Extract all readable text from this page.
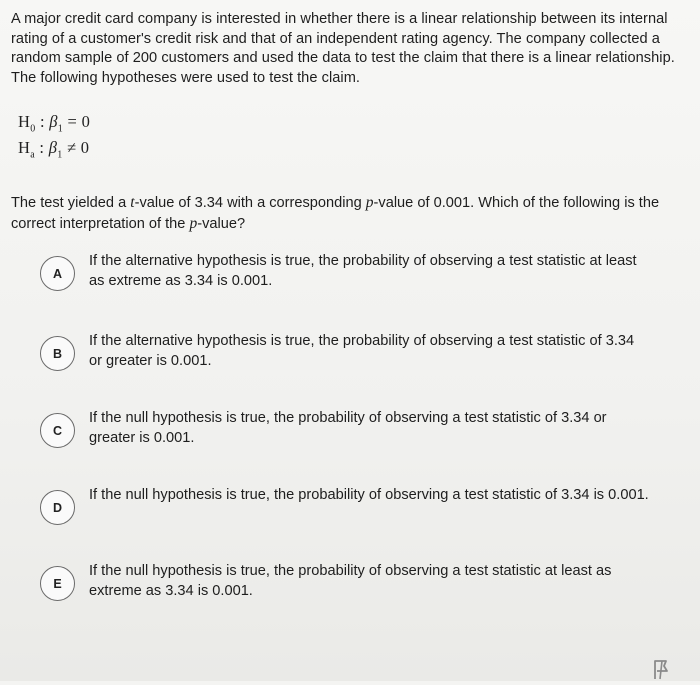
A major credit card company is interested in whether there is a linear relationship between its internal rating of a customer's credit risk and that of an independent rating agency. The company collected a random sample of 200 customers and used the data to test the claim that there is a linear relationship. The following hypotheses were used to test the claim.
$H_0$ : $\beta_1 = 0$
$H_a$ : $\beta_1 \ne 0$
The test yielded a t-value of 3.34 with a corresponding p-value of 0.001. Which of the following is the correct interpretation of the p-value?
A
If the alternative hypothesis is true, the probability of observing a test statistic at least as extreme as 3.34 is 0.001.
B
If the alternative hypothesis is true, the probability of observing a test statistic of 3.34 or greater is 0.001.
C
If the null hypothesis is true, the probability of observing a test statistic of 3.34 or greater is 0.001.
D
If the null hypothesis is true, the probability of observing a test statistic of 3.34 is 0.001.
E
If the null hypothesis is true, the probability of observing a test statistic at least as extreme as 3.34 is 0.001.
